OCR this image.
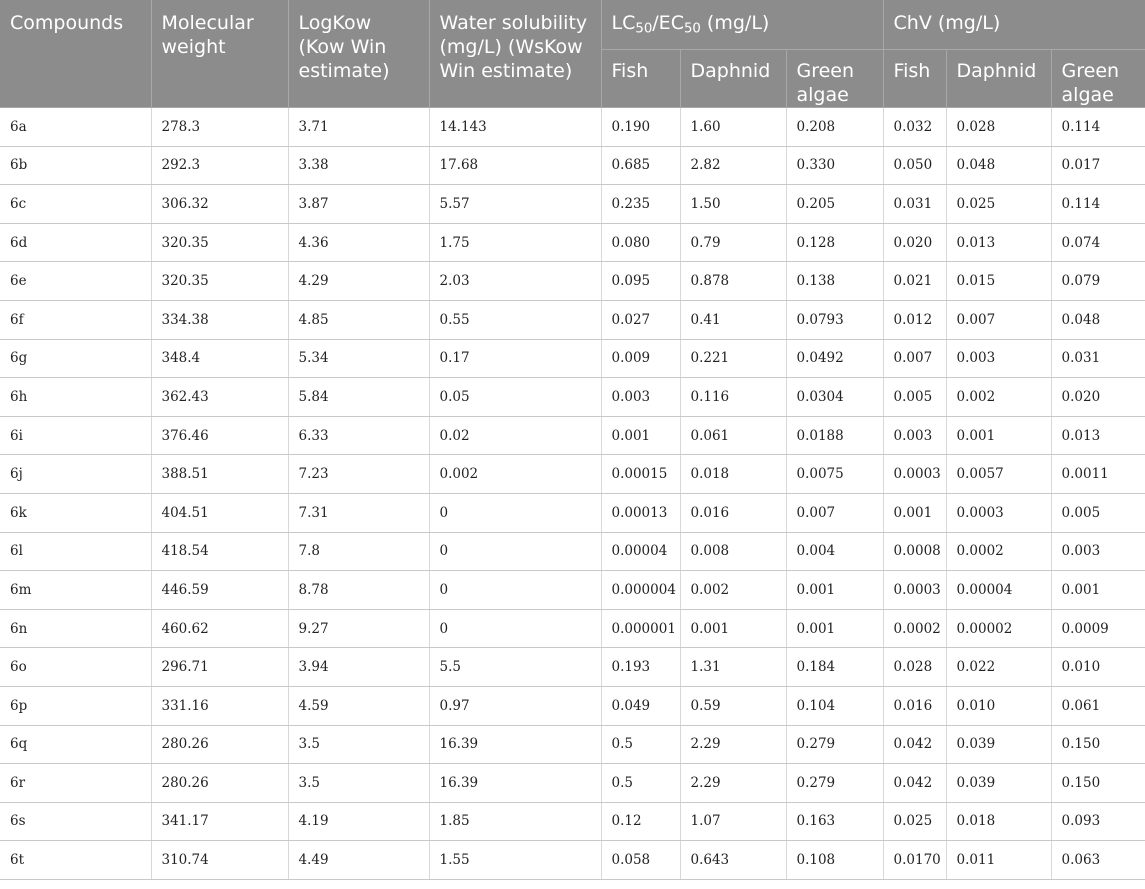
Compounds	Molecular weight	LogKow (Kow Win estimate)	Water solubility (mg/L) (WsKow Win estimate)	$LC_{50}/EC_{50}$ (mg/L)			ChV (mg/L)		
				Fish	Daphnid	Green algae	Fish	Daphnid	Green algae
6a	278.3	3.71	14.143	0.190	1.60	0.208	0.032	0.028	0.114
6b	292.3	3.38	17.68	0.685	2.82	0.330	0.050	0.048	0.017
6c	306.32	3.87	5.57	0.235	1.50	0.205	0.031	0.025	0.114
6d	320.35	4.36	1.75	0.080	0.79	0.128	0.020	0.013	0.074
6e	320.35	4.29	2.03	0.095	0.878	0.138	0.021	0.015	0.079
6f	334.38	4.85	0.55	0.027	0.41	0.0793	0.012	0.007	0.048
6g	348.4	5.34	0.17	0.009	0.221	0.0492	0.007	0.003	0.031
6h	362.43	5.84	0.05	0.003	0.116	0.0304	0.005	0.002	0.020
6i	376.46	6.33	0.02	0.001	0.061	0.0188	0.003	0.001	0.013
6j	388.51	7.23	0.002	0.00015	0.018	0.0075	0.0003	0.0057	0.0011
6k	404.51	7.31	0	0.00013	0.016	0.007	0.001	0.0003	0.005
6l	418.54	7.8	0	0.00004	0.008	0.004	0.0008	0.0002	0.003
6m	446.59	8.78	0	0.000004	0.002	0.001	0.0003	0.00004	0.001
6n	460.62	9.27	0	0.000001	0.001	0.001	0.0002	0.00002	0.0009
6o	296.71	3.94	5.5	0.193	1.31	0.184	0.028	0.022	0.010
6p	331.16	4.59	0.97	0.049	0.59	0.104	0.016	0.010	0.061
6q	280.26	3.5	16.39	0.5	2.29	0.279	0.042	0.039	0.150
6r	280.26	3.5	16.39	0.5	2.29	0.279	0.042	0.039	0.150
6s	341.17	4.19	1.85	0.12	1.07	0.163	0.025	0.018	0.093
6t	310.74	4.49	1.55	0.058	0.643	0.108	0.0170	0.011	0.063
